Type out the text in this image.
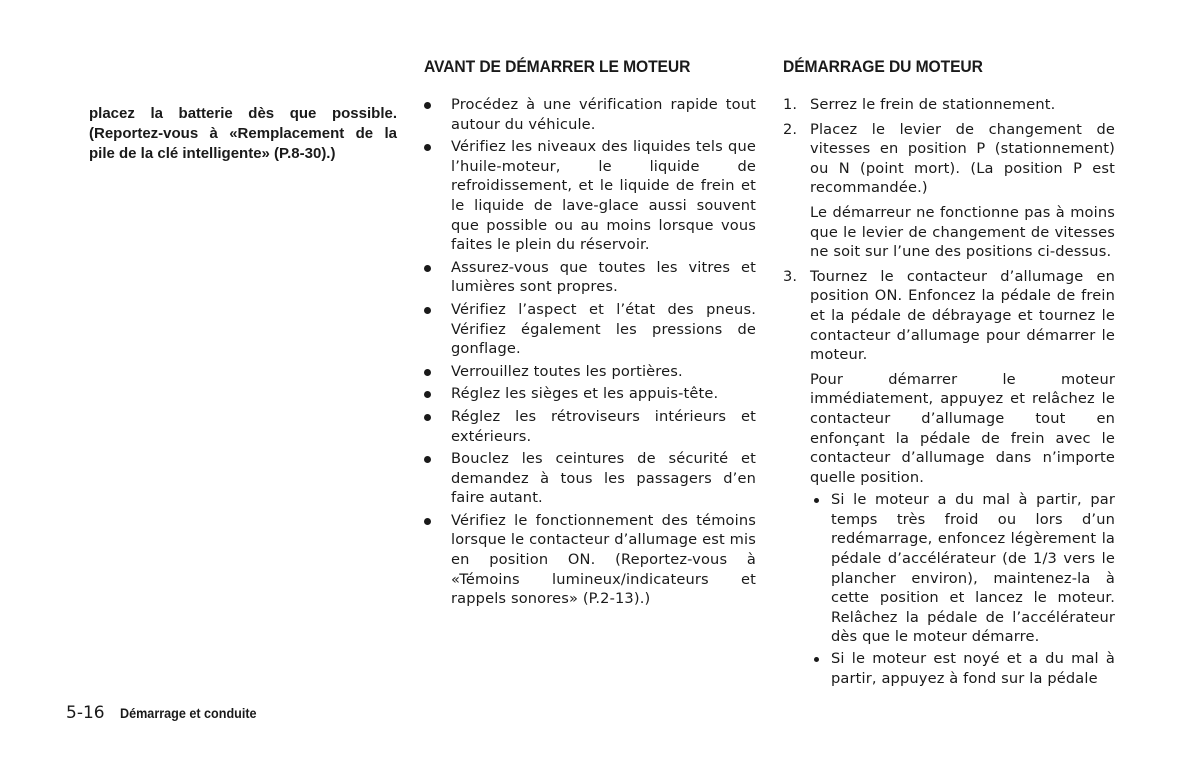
placez la batterie dès que possible. (Reportez-vous à «Remplacement de la pile de la clé intelligente» (P.8-30).)

AVANT DE DÉMARRER LE MOTEUR
Procédez à une vérification rapide tout autour du véhicule.
Vérifiez les niveaux des liquides tels que l’huile-moteur, le liquide de refroidissement, et le liquide de frein et le liquide de lave-glace aussi souvent que possible ou au moins lorsque vous faites le plein du réservoir.
Assurez-vous que toutes les vitres et lumières sont propres.
Vérifiez l’aspect et l’état des pneus. Vérifiez également les pressions de gonflage.
Verrouillez toutes les portières.
Réglez les sièges et les appuis-tête.
Réglez les rétroviseurs intérieurs et extérieurs.
Bouclez les ceintures de sécurité et demandez à tous les passagers d’en faire autant.
Vérifiez le fonctionnement des témoins lorsque le contacteur d’allumage est mis en position ON. (Reportez-vous à «Témoins lumineux/indicateurs et rappels sonores» (P.2-13).)
DÉMARRAGE DU MOTEUR
1. Serrez le frein de stationnement.

2. Placez le levier de changement de vitesses en position P (stationnement) ou N (point mort). (La position P est recommandée.)

Le démarreur ne fonctionne pas à moins que le levier de changement de vitesses ne soit sur l’une des positions ci-dessus.

3. Tournez le contacteur d’allumage en position ON. Enfoncez la pédale de frein et la pédale de débrayage et tournez le contacteur d’allumage pour démarrer le moteur.

Pour démarrer le moteur immédiatement, appuyez et relâchez le contacteur d’allumage tout en enfonçant la pédale de frein avec le contacteur d’allumage dans n’importe quelle position.

Si le moteur a du mal à partir, par temps très froid ou lors d’un redémarrage, enfoncez légèrement la pédale d’accélérateur (de 1/3 vers le plancher environ), maintenez-la à cette position et lancez le moteur. Relâchez la pédale de l’accélérateur dès que le moteur démarre.
Si le moteur est noyé et a du mal à partir, appuyez à fond sur la pédale
5-16 Démarrage et conduite
